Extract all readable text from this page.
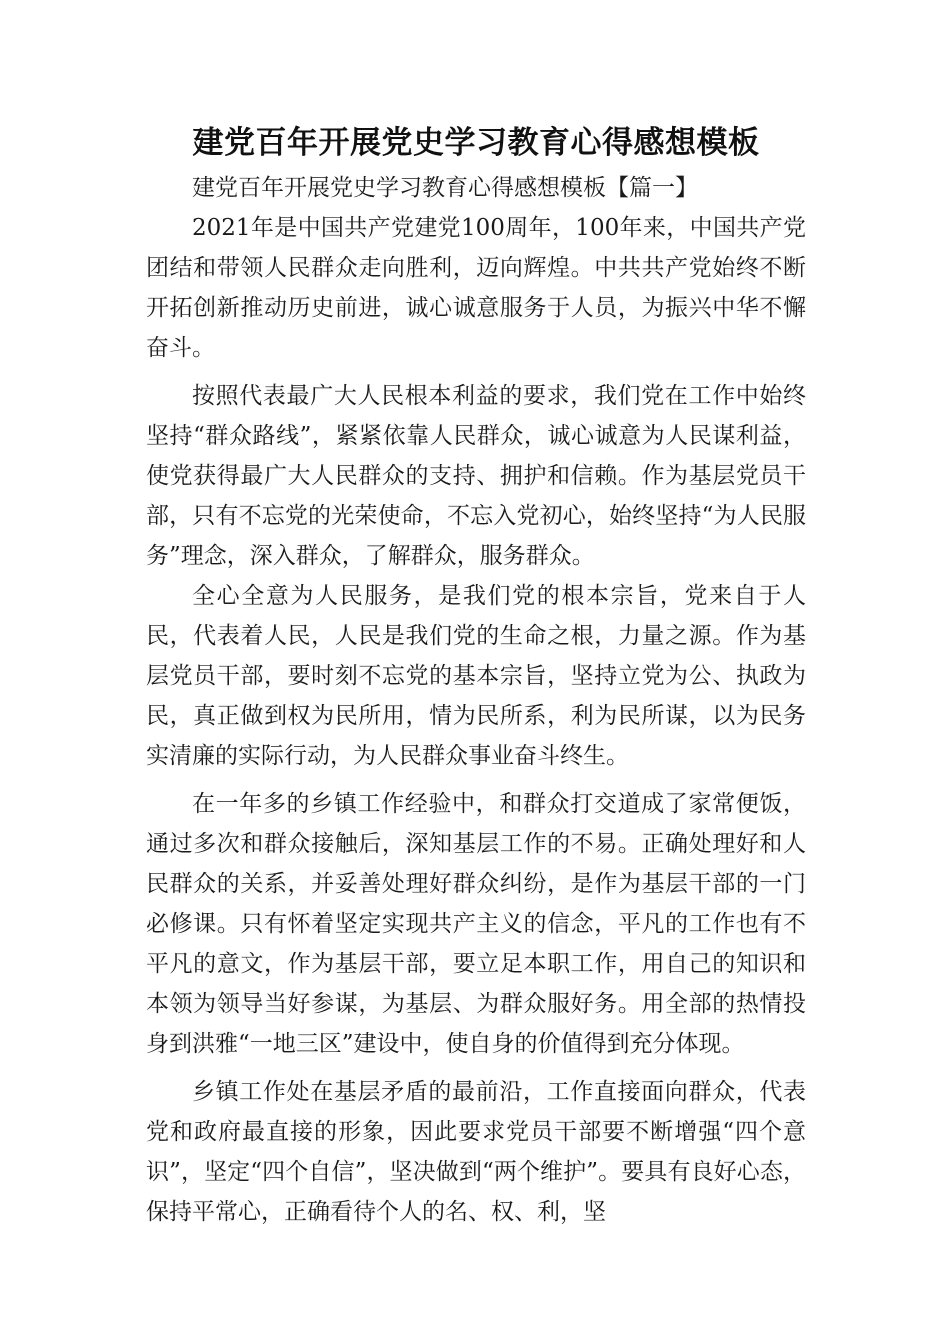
建党百年开展党史学习教育心得感想模板

建党百年开展党史学习教育心得感想模板【篇一】

2021年是中国共产党建党100周年，100年来，中国共产党团结和带领人民群众走向胜利，迈向辉煌。中共共产党始终不断开拓创新推动历史前进，诚心诚意服务于人员，为振兴中华不懈奋斗。

按照代表最广大人民根本利益的要求，我们党在工作中始终坚持“群众路线”，紧紧依靠人民群众，诚心诚意为人民谋利益，使党获得最广大人民群众的支持、拥护和信赖。作为基层党员干部，只有不忘党的光荣使命，不忘入党初心，始终坚持“为人民服务”理念，深入群众，了解群众，服务群众。

全心全意为人民服务，是我们党的根本宗旨，党来自于人民，代表着人民，人民是我们党的生命之根，力量之源。作为基层党员干部，要时刻不忘党的基本宗旨，坚持立党为公、执政为民，真正做到权为民所用，情为民所系，利为民所谋，以为民务实清廉的实际行动，为人民群众事业奋斗终生。

在一年多的乡镇工作经验中，和群众打交道成了家常便饭，通过多次和群众接触后，深知基层工作的不易。正确处理好和人民群众的关系，并妥善处理好群众纠纷，是作为基层干部的一门必修课。只有怀着坚定实现共产主义的信念，平凡的工作也有不平凡的意文，作为基层干部，要立足本职工作，用自己的知识和本领为领导当好参谋，为基层、为群众服好务。用全部的热情投身到洪雅“一地三区”建设中，使自身的价值得到充分体现。

乡镇工作处在基层矛盾的最前沿，工作直接面向群众，代表党和政府最直接的形象，因此要求党员干部要不断增强“四个意识”，坚定“四个自信”，坚决做到“两个维护”。要具有良好心态，保持平常心，正确看待个人的名、权、利，坚
